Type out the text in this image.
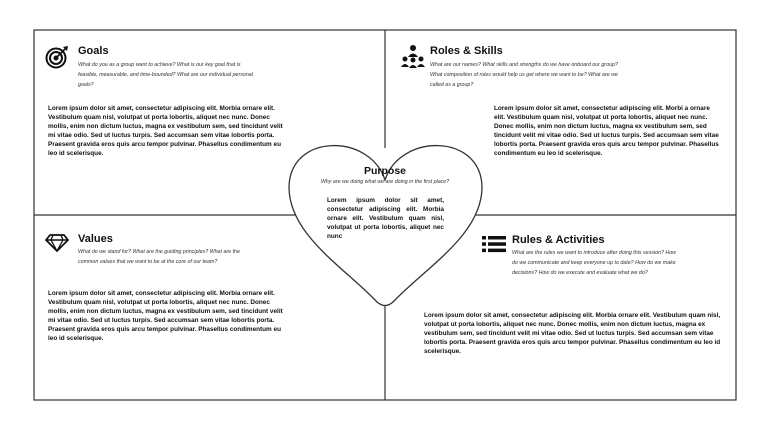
Goals
What do you as a group want to achieve? What is our key goal that is feasible, measurable, and time-bounded? What are our individual personal goals?
Lorem ipsum dolor sit amet, consectetur adipiscing elit. Morbia ornare elit. Vestibulum quam nisl, volutpat ut porta lobortis, aliquet nec nunc. Donec mollis, enim non dictum luctus, magna ex vestibulum sem, sed tincidunt velit mi vitae odio. Sed ut luctus turpis. Sed accumsan sem vitae lobortis porta. Praesent gravida eros quis arcu tempor pulvinar. Phasellus condimentum eu leo id scelerisque.
Roles & Skills
What are our names? What skills and strengths do we have onboard our group? What composition of roles would help us get where we want to be? What are we called as a group?
Lorem ipsum dolor sit amet, consectetur adipiscing elit. Morbi a ornare elit. Vestibulum quam nisl, volutpat ut porta lobortis, aliquet nec nunc. Donec mollis, enim non dictum luctus, magna ex vestibulum sem, sed tincidunt velit mi vitae odio. Sed ut luctus turpis. Sed accumsan sem vitae lobortis porta. Praesent gravida eros quis arcu tempor pulvinar. Phasellus condimentum eu leo id scelerisque.
Values
What do we stand for? What are the guiding principles? What are the common values that we want to be at the core of our team?
Lorem ipsum dolor sit amet, consectetur adipiscing elit. Morbia ornare elit. Vestibulum quam nisl, volutpat ut porta lobortis, aliquet nec nunc. Donec mollis, enim non dictum luctus, magna ex vestibulum sem, sed tincidunt velit mi vitae odio. Sed ut luctus turpis. Sed accumsan sem vitae lobortis porta. Praesent gravida eros quis arcu tempor pulvinar. Phasellus condimentum eu leo id scelerisque.
Rules & Activities
What are the rules we want to introduce after doing this session? How do we communicate and keep everyone up to date? How do we make decisions? How do we execute and evaluate what we do?
Lorem ipsum dolor sit amet, consectetur adipiscing elit. Morbia ornare elit. Vestibulum quam nisl, volutpat ut porta lobortis, aliquet nec nunc. Donec mollis, enim non dictum luctus, magna ex vestibulum sem, sed tincidunt velit mi vitae odio. Sed ut luctus turpis. Sed accumsan sem vitae lobortis porta. Praesent gravida eros quis arcu tempor pulvinar. Phasellus condimentum eu leo id scelerisque.
Purpose
Why are we doing what we are doing in the first place?
Lorem ipsum dolor sit amet, consectetur adipiscing elit. Morbia ornare elit. Vestibulum quam nisl, volutpat ut porta lobortis, aliquet nec nunc
